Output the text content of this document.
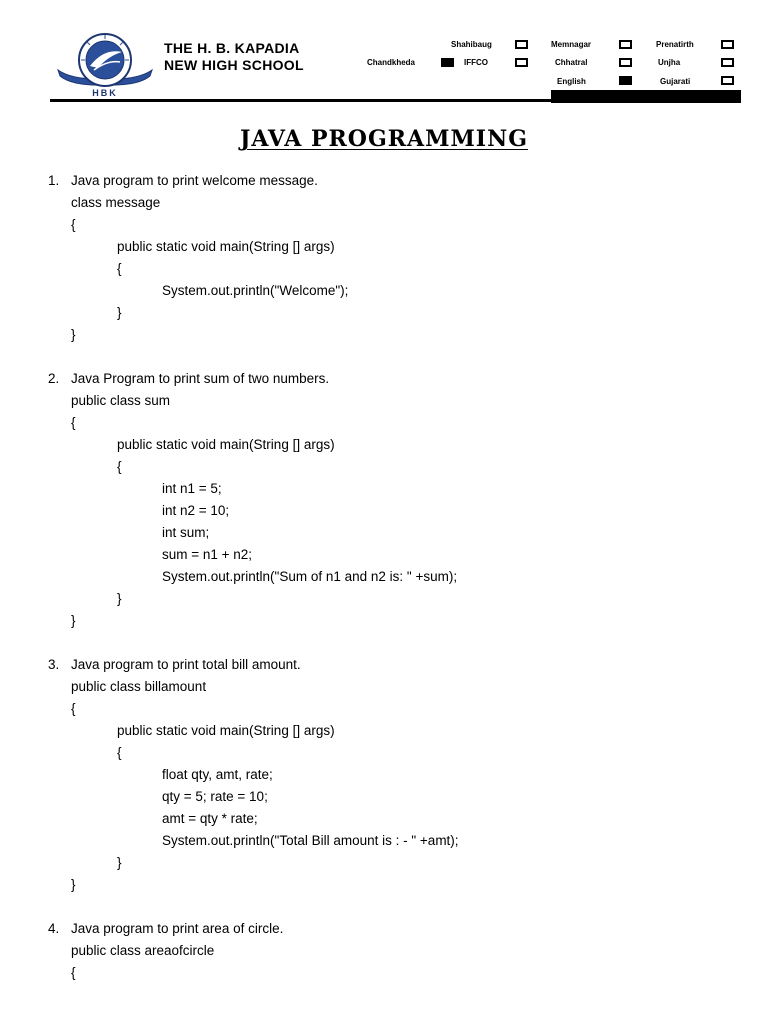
HBK
THE H. B. KAPADIA
NEW HIGH SCHOOL
Shahibaug	Memnagar	Prenatirth
Chandkheda	IFFCO	Chhatral	Unjha
English	Gujarati
JAVA PROGRAMMING
1. Java program to print welcome message.
class message
{
public static void main(String [] args)
{
System.out.println("Welcome");
}
}
2. Java Program to print sum of two numbers.
public class sum
{
public static void main(String [] args)
{
int n1 = 5;
int n2 = 10;
int sum;
sum = n1 + n2;
System.out.println("Sum of n1 and n2 is: " +sum);
}
}
3. Java program to print total bill amount.
public class billamount
{
public static void main(String [] args)
{
float qty, amt, rate;
qty = 5; rate = 10;
amt = qty * rate;
System.out.println("Total Bill amount is : - " +amt);
}
}
4. Java program to print area of circle.
public class areaofcircle
{
